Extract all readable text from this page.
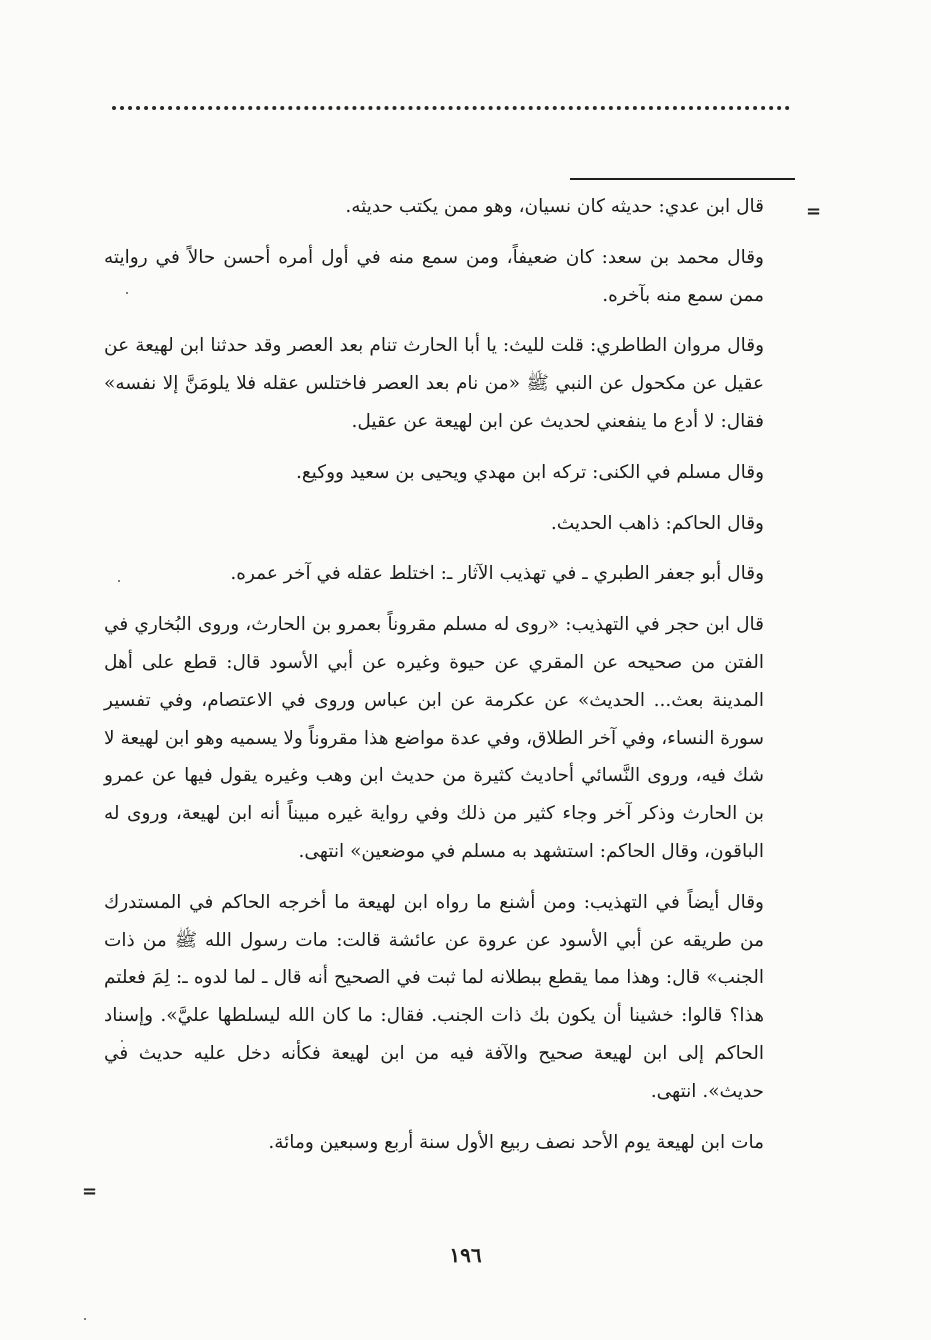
=

قال ابن عدي: حديثه كان نسيان، وهو ممن يكتب حديثه.

وقال محمد بن سعد: كان ضعيفاً، ومن سمع منه في أول أمره أحسن حالاً في روايته ممن سمع منه بآخره.

وقال مروان الطاطري: قلت لليث: يا أبا الحارث تنام بعد العصر وقد حدثنا ابن لهيعة عن عقيل عن مكحول عن النبي ﷺ «من نام بعد العصر فاختلس عقله فلا يلومَنَّ إلا نفسه» فقال: لا أدع ما ينفعني لحديث عن ابن لهيعة عن عقيل.

وقال مسلم في الكنى: تركه ابن مهدي ويحيى بن سعيد ووكيع.

وقال الحاكم: ذاهب الحديث.

وقال أبو جعفر الطبري ـ في تهذيب الآثار ـ: اختلط عقله في آخر عمره.

قال ابن حجر في التهذيب: «روى له مسلم مقروناً بعمرو بن الحارث، وروى البُخاري في الفتن من صحيحه عن المقري عن حيوة وغيره عن أبي الأسود قال: قطع على أهل المدينة بعث... الحديث» عن عكرمة عن ابن عباس وروى في الاعتصام، وفي تفسير سورة النساء، وفي آخر الطلاق، وفي عدة مواضع هذا مقروناً ولا يسميه وهو ابن لهيعة لا شك فيه، وروى النَّسائي أحاديث كثيرة من حديث ابن وهب وغيره يقول فيها عن عمرو بن الحارث وذكر آخر وجاء كثير من ذلك وفي رواية غيره مبيناً أنه ابن لهيعة، وروى له الباقون، وقال الحاكم: استشهد به مسلم في موضعين» انتهى.

وقال أيضاً في التهذيب: ومن أشنع ما رواه ابن لهيعة ما أخرجه الحاكم في المستدرك من طريقه عن أبي الأسود عن عروة عن عائشة قالت: مات رسول الله ﷺ من ذات الجنب» قال: وهذا مما يقطع ببطلانه لما ثبت في الصحيح أنه قال ـ لما لدوه ـ: لِمَ فعلتم هذا؟ قالوا: خشينا أن يكون بك ذات الجنب. فقال: ما كان الله ليسلطها عليَّ». وإسناد الحاكم إلى ابن لهيعة صحيح والآفة فيه من ابن لهيعة فكأنه دخل عليه حديث في حديث». انتهى.

مات ابن لهيعة يوم الأحد نصف ربيع الأول سنة أربع وسبعين ومائة.

=
١٩٦
